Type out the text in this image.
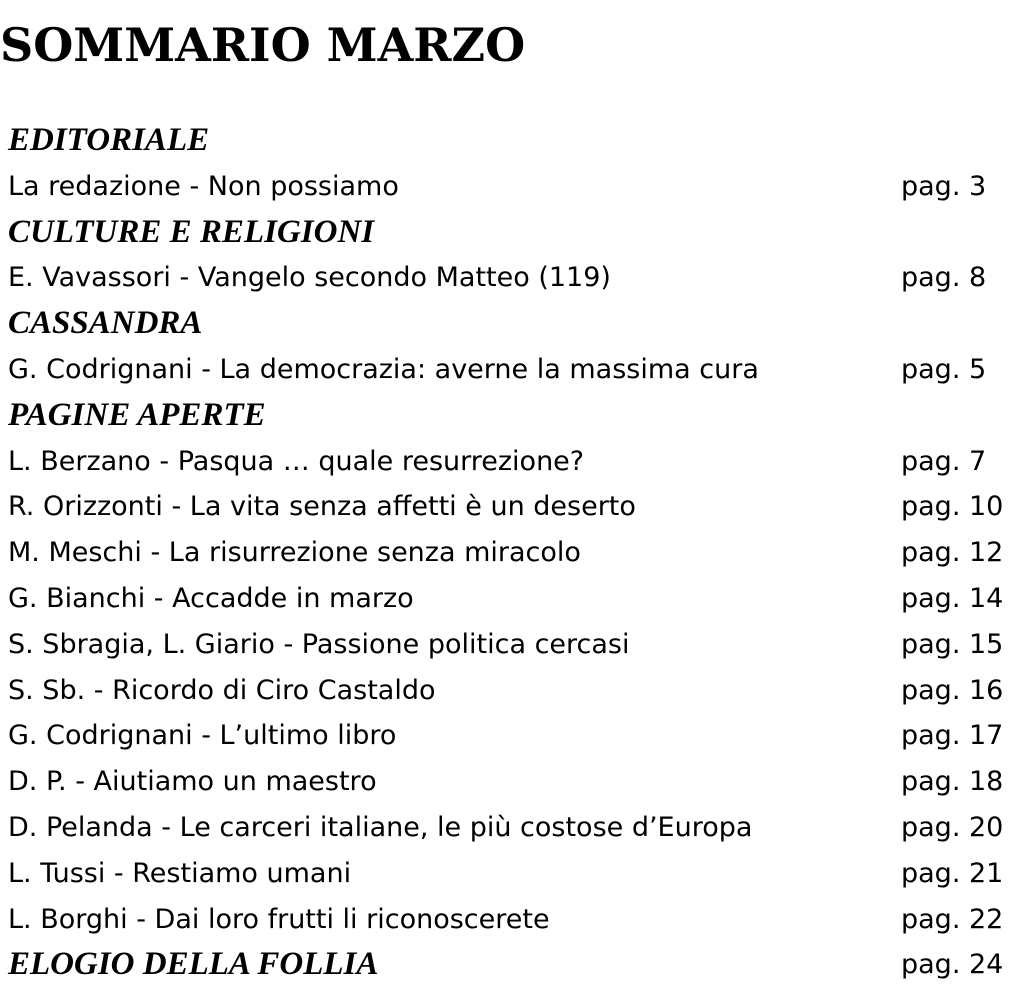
SOMMARIO MARZO
EDITORIALE
La redazione - Non possiamo	pag. 3
CULTURE E RELIGIONI
E. Vavassori - Vangelo secondo Matteo (119)	pag. 8
CASSANDRA
G. Codrignani - La democrazia: averne la massima cura	pag. 5
PAGINE APERTE
L. Berzano - Pasqua … quale resurrezione?	pag. 7
R. Orizzonti - La vita senza affetti è un deserto	pag. 10
M. Meschi - La risurrezione senza miracolo	pag. 12
G. Bianchi - Accadde in marzo	pag. 14
S. Sbragia, L. Giario - Passione politica cercasi	pag. 15
S. Sb. - Ricordo di Ciro Castaldo	pag. 16
G. Codrignani - L’ultimo libro	pag. 17
D. P. - Aiutiamo un maestro	pag. 18
D. Pelanda - Le carceri italiane, le più costose d’Europa	pag. 20
L. Tussi - Restiamo umani	pag. 21
L. Borghi - Dai loro frutti li riconoscerete	pag. 22
ELOGIO DELLA FOLLIA	pag. 24
